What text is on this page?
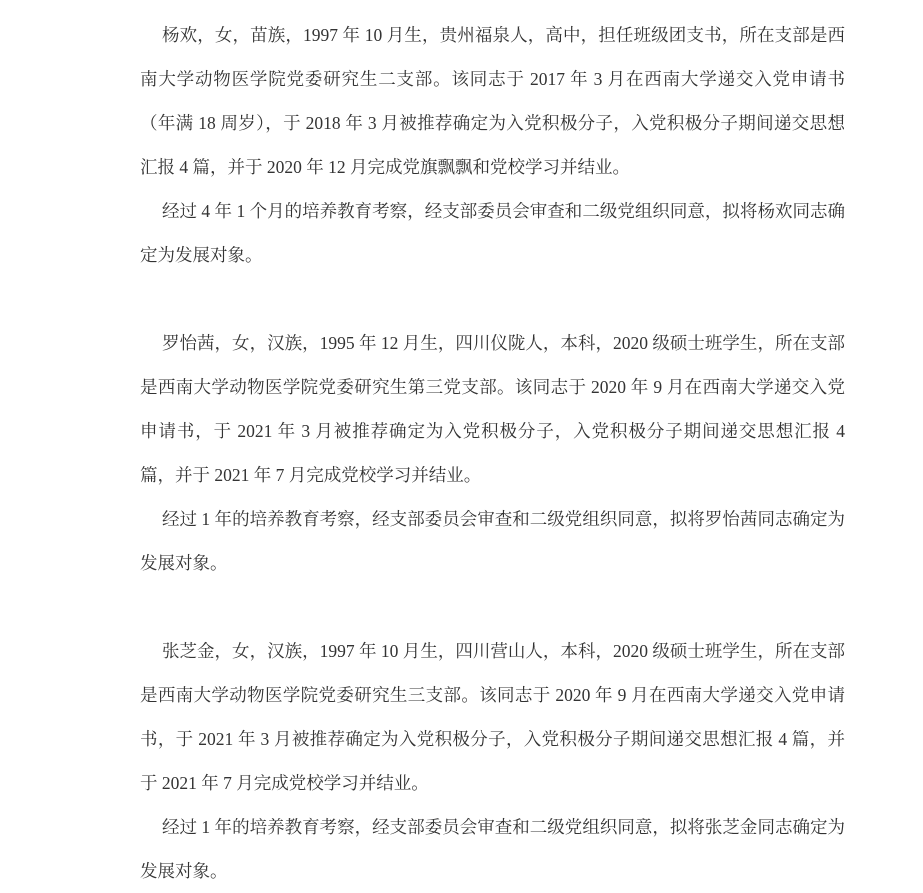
杨欢，女，苗族，1997 年 10 月生，贵州福泉人，高中，担任班级团支书，所在支部是西南大学动物医学院党委研究生二支部。该同志于 2017 年 3 月在西南大学递交入党申请书（年满 18 周岁），于 2018 年 3 月被推荐确定为入党积极分子，入党积极分子期间递交思想汇报 4 篇，并于 2020 年 12 月完成党旗飘飘和党校学习并结业。

经过 4 年 1 个月的培养教育考察，经支部委员会审查和二级党组织同意，拟将杨欢同志确定为发展对象。

罗怡茜，女，汉族，1995 年 12 月生，四川仪陇人，本科，2020 级硕士班学生，所在支部是西南大学动物医学院党委研究生第三党支部。该同志于 2020 年 9 月在西南大学递交入党申请书，于 2021 年 3 月被推荐确定为入党积极分子，入党积极分子期间递交思想汇报 4 篇，并于 2021 年 7 月完成党校学习并结业。

经过 1 年的培养教育考察，经支部委员会审查和二级党组织同意，拟将罗怡茜同志确定为发展对象。

张芝金，女，汉族，1997 年 10 月生，四川营山人，本科，2020 级硕士班学生，所在支部是西南大学动物医学院党委研究生三支部。该同志于 2020 年 9 月在西南大学递交入党申请书，于 2021 年 3 月被推荐确定为入党积极分子，入党积极分子期间递交思想汇报 4 篇，并于 2021 年 7 月完成党校学习并结业。

经过 1 年的培养教育考察，经支部委员会审查和二级党组织同意，拟将张芝金同志确定为发展对象。
